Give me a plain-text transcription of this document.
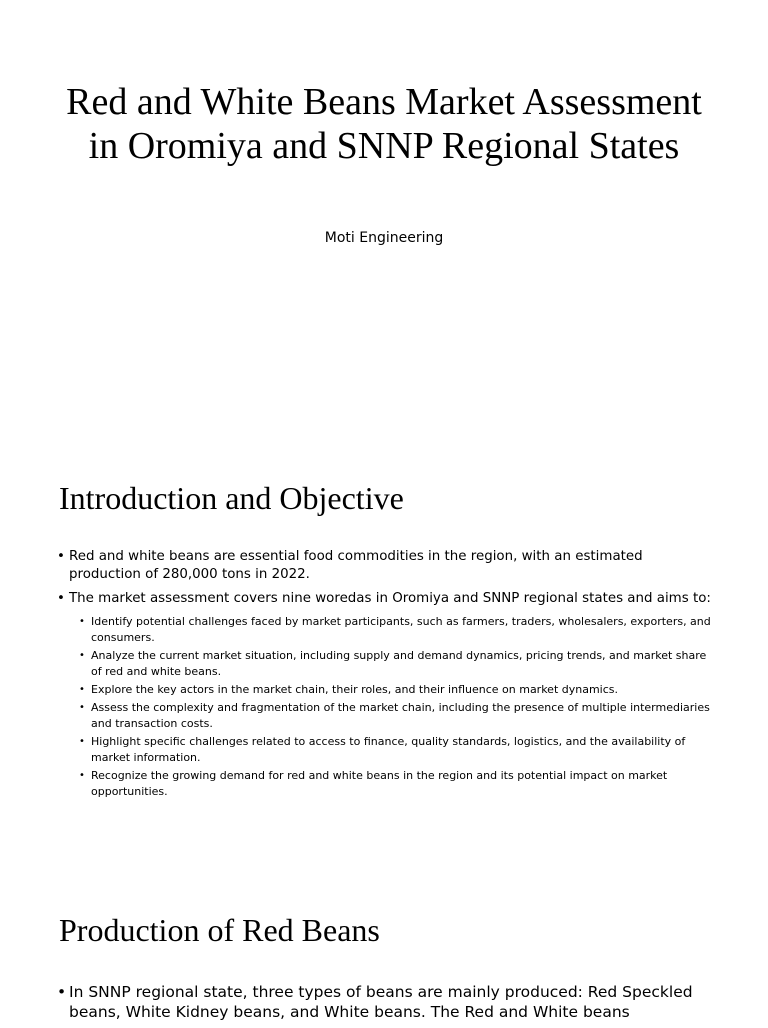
Red and White Beans Market Assessment in Oromiya and SNNP Regional States

Moti Engineering

Introduction and Objective
• Red and white beans are essential food commodities in the region, with an estimated production of 280,000 tons in 2022.
• The market assessment covers nine woredas in Oromiya and SNNP regional states and aims to:
• Identify potential challenges faced by market participants, such as farmers, traders, wholesalers, exporters, and consumers.
• Analyze the current market situation, including supply and demand dynamics, pricing trends, and market share of red and white beans.
• Explore the key actors in the market chain, their roles, and their influence on market dynamics.
• Assess the complexity and fragmentation of the market chain, including the presence of multiple intermediaries and transaction costs.
• Highlight specific challenges related to access to finance, quality standards, logistics, and the availability of market information.
• Recognize the growing demand for red and white beans in the region and its potential impact on market opportunities.
Production of Red Beans
• In SNNP regional state, three types of beans are mainly produced: Red Speckled beans, White Kidney beans, and White beans. The Red and White beans
